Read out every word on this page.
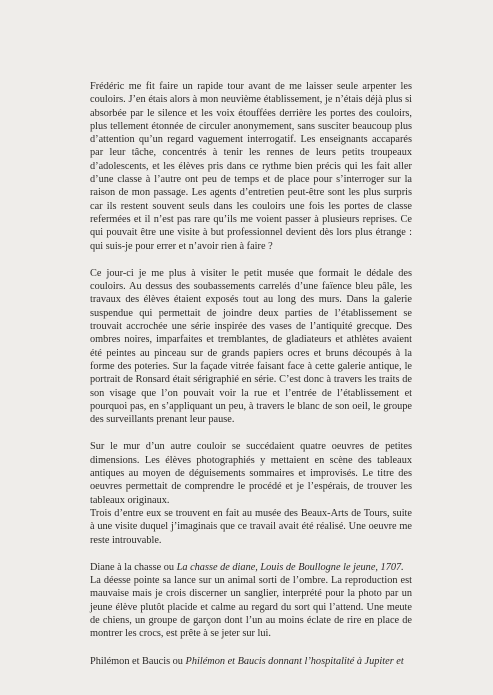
Frédéric me fit faire un rapide tour avant de me laisser seule arpenter les couloirs. J’en étais alors à mon neuvième établissement, je n’étais déjà plus si absorbée par le silence et les voix étouffées derrière les portes des couloirs, plus tellement étonnée de circuler anonymement, sans susciter beaucoup plus d’attention qu’un regard vaguement interrogatif. Les enseignants accaparés par leur tâche, concentrés à tenir les rennes de leurs petits troupeaux d’adolescents, et les élèves pris dans ce rythme bien précis qui les fait aller d’une classe à l’autre ont peu de temps et de place pour s’interroger sur la raison de mon passage. Les agents d’entretien peut-être sont les plus surpris car ils restent souvent seuls dans les couloirs une fois les portes de classe refermées et il n’est pas rare qu’ils me voient passer à plusieurs reprises. Ce qui pouvait être une visite à but professionnel devient dès lors plus étrange : qui suis-je pour errer et n’avoir rien à faire ?

Ce jour-ci je me plus à visiter le petit musée que formait le dédale des couloirs. Au dessus des soubassements carrelés d’une faïence bleu pâle, les travaux des élèves étaient exposés tout au long des murs. Dans la galerie suspendue qui permettait de joindre deux parties de l’établissement se trouvait accrochée une série inspirée des vases de l’antiquité grecque. Des ombres noires, imparfaites et tremblantes, de gladiateurs et athlètes avaient été peintes au pinceau sur de grands papiers ocres et bruns découpés à la forme des poteries. Sur la façade vitrée faisant face à cette galerie antique, le portrait de Ronsard était sérigraphié en série. C’est donc à travers les traits de son visage que l’on pouvait voir la rue et l’entrée de l’établissement et pourquoi pas, en s’appliquant un peu, à travers le blanc de son oeil, le groupe des surveillants prenant leur pause.

Sur le mur d’un autre couloir se succédaient quatre oeuvres de petites dimensions. Les élèves photographiés y mettaient en scène des tableaux antiques au moyen de déguisements sommaires et improvisés. Le titre des oeuvres permettait de comprendre le procédé et je l’espérais, de trouver les tableaux originaux.

Trois d’entre eux se trouvent en fait au musée des Beaux-Arts de Tours, suite à une visite duquel j’imaginais que ce travail avait été réalisé. Une oeuvre me reste introuvable.

Diane à la chasse ou La chasse de diane, Louis de Boullogne le jeune, 1707.
La déesse pointe sa lance sur un animal sorti de l’ombre. La reproduction est mauvaise mais je crois discerner un sanglier, interprété pour la photo par un jeune élève plutôt placide et calme au regard du sort qui l’attend. Une meute de chiens, un groupe de garçon dont l’un au moins éclate de rire en place de montrer les crocs, est prête à se jeter sur lui.

Philémon et Baucis ou Philémon et Baucis donnant l’hospitalité à Jupiter et
